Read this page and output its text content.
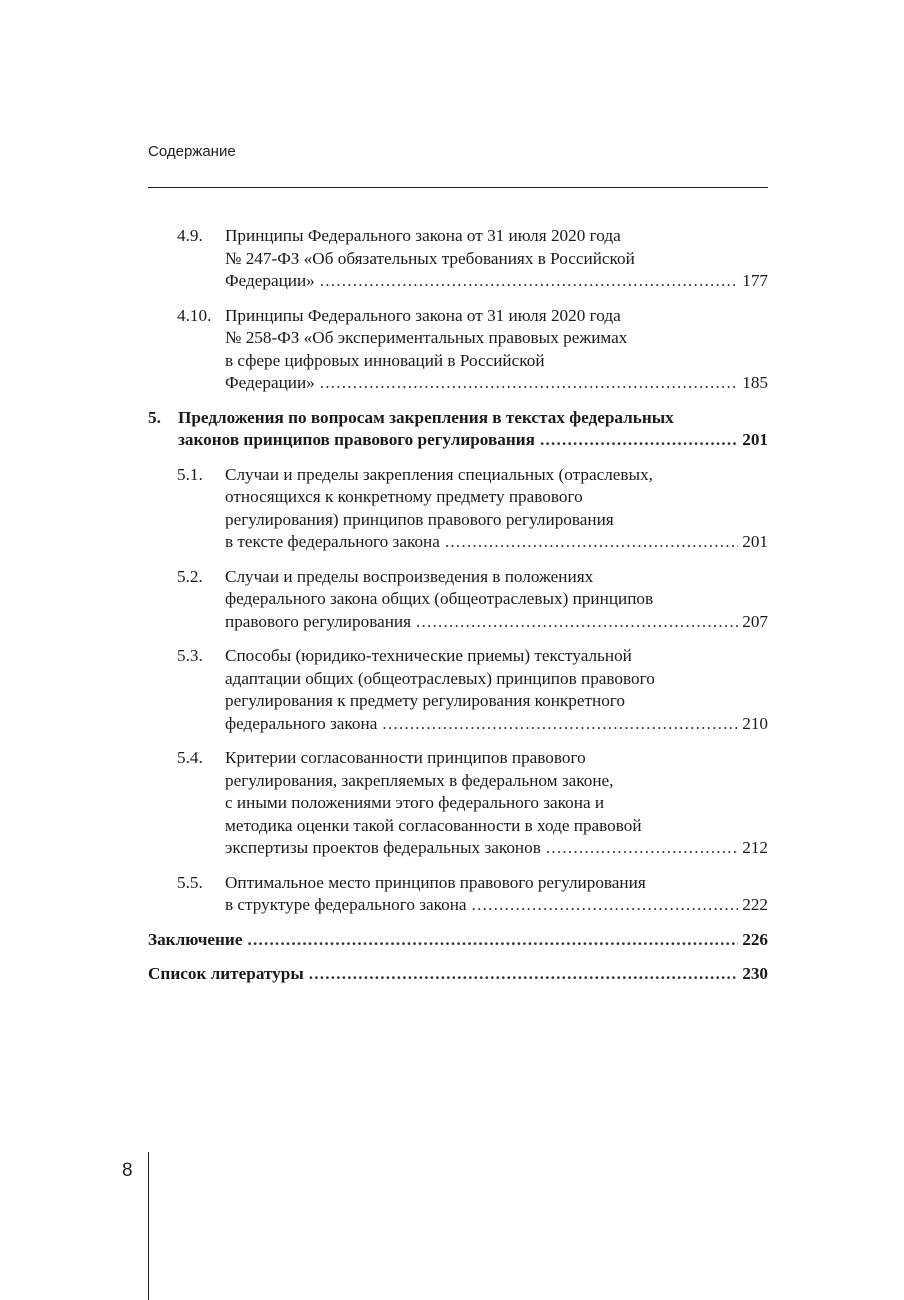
Содержание
4.9.	Принципы Федерального закона от 31 июля 2020 года
№ 247-ФЗ «Об обязательных требованиях в Российской
Федерации» .....	177
4.10. Принципы Федерального закона от 31 июля 2020 года
№ 258-ФЗ «Об экспериментальных правовых режимах
в сфере цифровых инноваций в Российской
Федерации» .....	185
5. Предложения по вопросам закрепления в текстах федеральных
законов принципов правового регулирования .....	201
5.1.	Случаи и пределы закрепления специальных (отраслевых,
относящихся к конкретному предмету правового
регулирования) принципов правового регулирования
в тексте федерального закона .....	201
5.2.	Случаи и пределы воспроизведения в положениях
федерального закона общих (общеотраслевых) принципов
правового регулирования .....	207
5.3.	Способы (юридико-технические приемы) текстуальной
адаптации общих (общеотраслевых) принципов правового
регулирования к предмету регулирования конкретного
федерального закона .....	210
5.4.	Критерии согласованности принципов правового
регулирования, закрепляемых в федеральном законе,
с иными положениями этого федерального закона и
методика оценки такой согласованности в ходе правовой
экспертизы проектов федеральных законов .....	212
5.5.	Оптимальное место принципов правового регулирования
в структуре федерального закона .....	222
Заключение .....	226
Список литературы .....	230
8
